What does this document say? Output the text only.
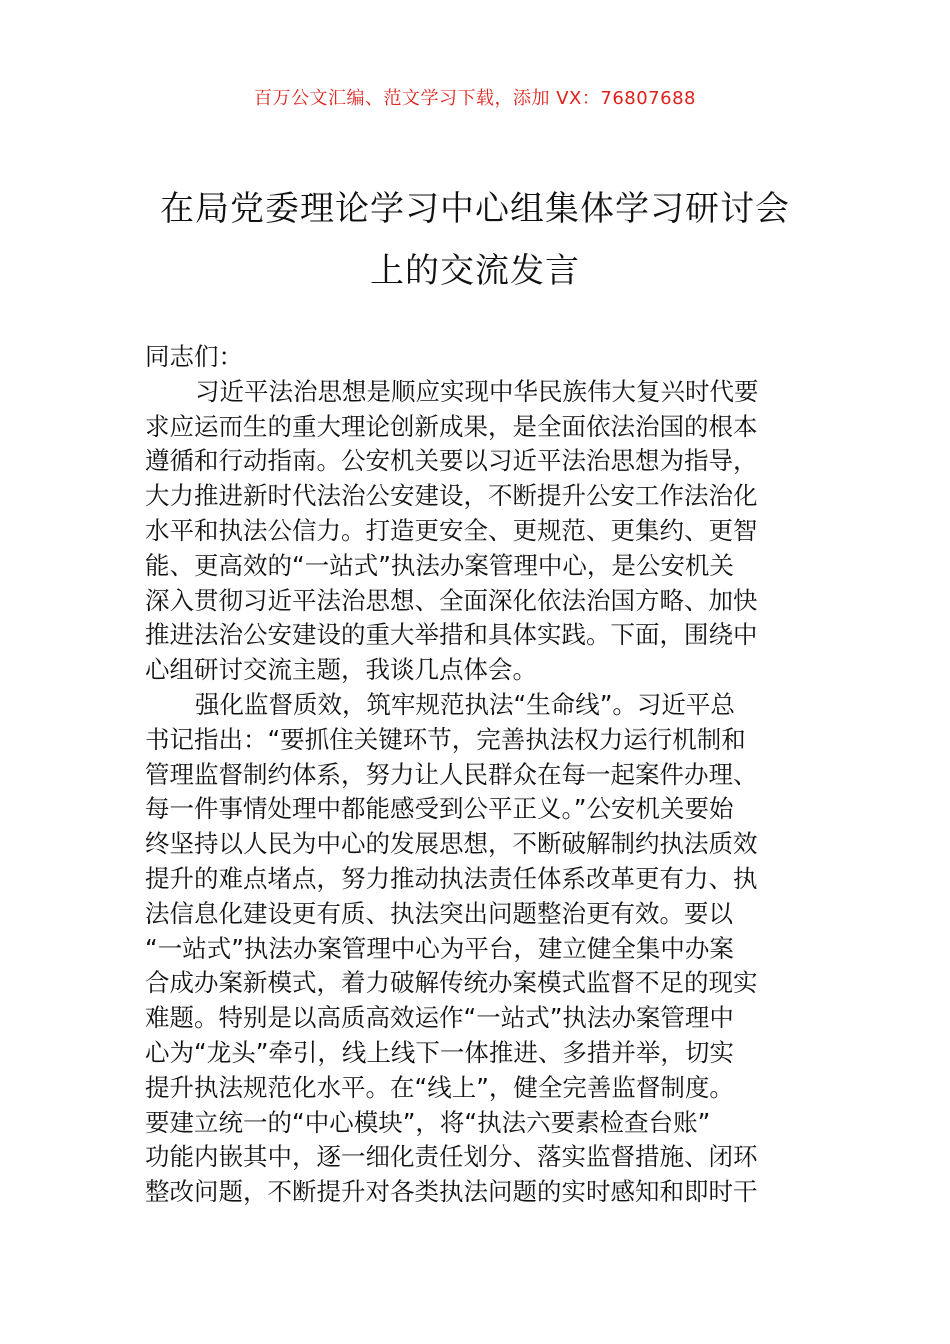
百万公文汇编、范文学习下载，添加 VX：76807688
在局党委理论学习中心组集体学习研讨会
上的交流发言
同志们：
习近平法治思想是顺应实现中华民族伟大复兴时代要
求应运而生的重大理论创新成果，是全面依法治国的根本
遵循和行动指南。公安机关要以习近平法治思想为指导，
大力推进新时代法治公安建设，不断提升公安工作法治化
水平和执法公信力。打造更安全、更规范、更集约、更智
能、更高效的“一站式”执法办案管理中心，是公安机关
深入贯彻习近平法治思想、全面深化依法治国方略、加快
推进法治公安建设的重大举措和具体实践。下面，围绕中
心组研讨交流主题，我谈几点体会。
强化监督质效，筑牢规范执法“生命线”。习近平总
书记指出：“要抓住关键环节，完善执法权力运行机制和
管理监督制约体系，努力让人民群众在每一起案件办理、
每一件事情处理中都能感受到公平正义。”公安机关要始
终坚持以人民为中心的发展思想，不断破解制约执法质效
提升的难点堵点，努力推动执法责任体系改革更有力、执
法信息化建设更有质、执法突出问题整治更有效。要以
“一站式”执法办案管理中心为平台，建立健全集中办案
合成办案新模式，着力破解传统办案模式监督不足的现实
难题。特别是以高质高效运作“一站式”执法办案管理中
心为“龙头”牵引，线上线下一体推进、多措并举，切实
提升执法规范化水平。在“线上”，健全完善监督制度。
要建立统一的“中心模块”，将“执法六要素检查台账”
功能内嵌其中，逐一细化责任划分、落实监督措施、闭环
整改问题，不断提升对各类执法问题的实时感知和即时干
